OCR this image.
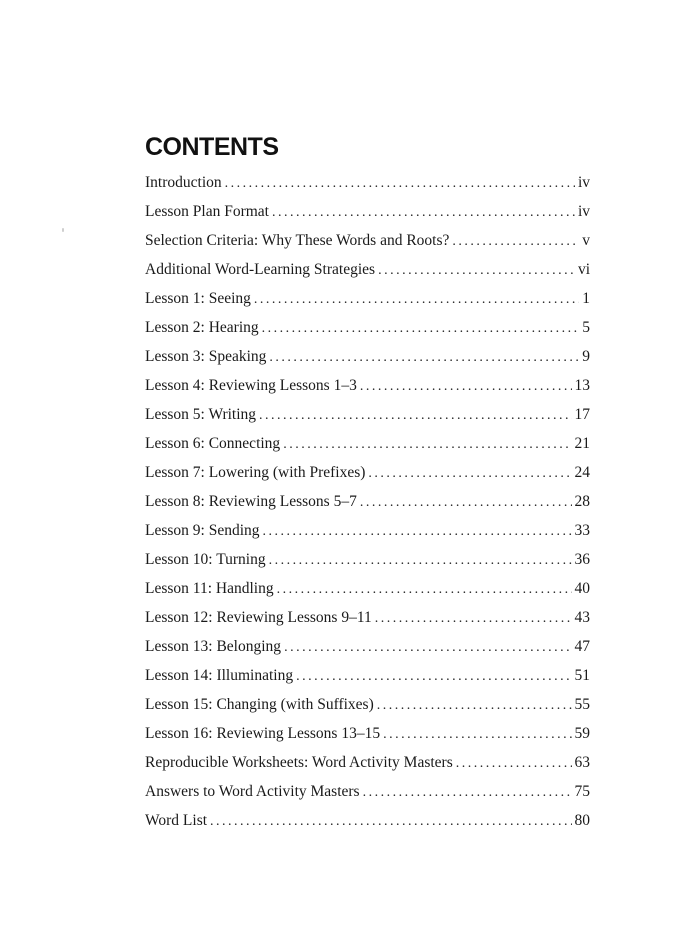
CONTENTS
Introduction . . .	iv
Lesson Plan Format . . .	iv
Selection Criteria: Why These Words and Roots? . . .	v
Additional Word-Learning Strategies . . .	vi
Lesson 1: Seeing . . .	1
Lesson 2: Hearing . . .	5
Lesson 3: Speaking . . .	9
Lesson 4: Reviewing Lessons 1–3 . . .	13
Lesson 5: Writing . . .	17
Lesson 6: Connecting . . .	21
Lesson 7: Lowering (with Prefixes) . . .	24
Lesson 8: Reviewing Lessons 5–7 . . .	28
Lesson 9: Sending . . .	33
Lesson 10: Turning . . .	36
Lesson 11: Handling . . .	40
Lesson 12: Reviewing Lessons 9–11 . . .	43
Lesson 13: Belonging . . .	47
Lesson 14: Illuminating . . .	51
Lesson 15: Changing (with Suffixes) . . .	55
Lesson 16: Reviewing Lessons 13–15 . . .	59
Reproducible Worksheets: Word Activity Masters . . .	63
Answers to Word Activity Masters . . .	75
Word List . . .	80
